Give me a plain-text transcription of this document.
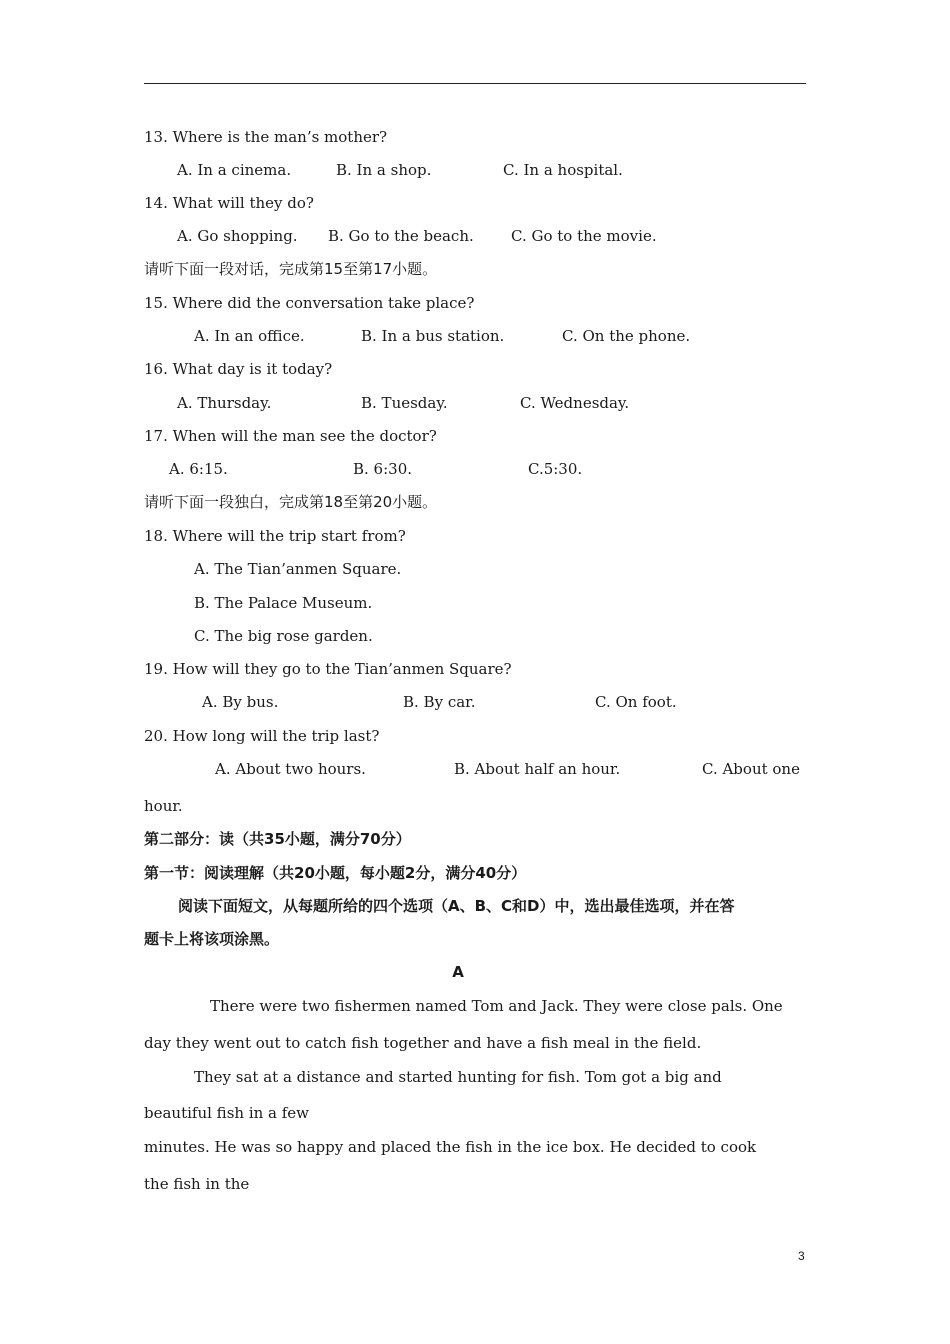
13. Where is the man’s mother?
A. In a cinema.	B. In a shop.	C. In a hospital.
14. What will they do?
A. Go shopping. B. Go to the beach. C. Go to the movie.
请听下面一段对话，完成第15至第17小题。
15. Where did the conversation take place?
A. In an office.	B. In a bus station.	C. On the phone.
16. What day is it today?
A. Thursday.	B. Tuesday.	C. Wednesday.
17. When will the man see the doctor?
A. 6:15.	B. 6:30.	C.5:30.
请听下面一段独白，完成第18至第20小题。
18. Where will the trip start from?
A. The Tian’anmen Square.
B. The Palace Museum.
C. The big rose garden.
19. How will they go to the Tian’anmen Square?
A. By bus.	B. By car.	C. On foot.
20. How long will the trip last?
A. About two hours.	B. About half an hour.	C. About one
hour.
第二部分：读（共35小题，满分70分）
第一节：阅读理解（共20小题，每小题2分，满分40分）
阅读下面短文，从每题所给的四个选项（A、B、C和D）中，选出最佳选项，并在答
题卡上将该项涂黑。
A
There were two fishermen named Tom and Jack. They were close pals. One
day they went out to catch fish together and have a fish meal in the field.
They sat at a distance and started hunting for fish. Tom got a big and
beautiful fish in a few
minutes. He was so happy and placed the fish in the ice box. He decided to cook
the fish in the
3
